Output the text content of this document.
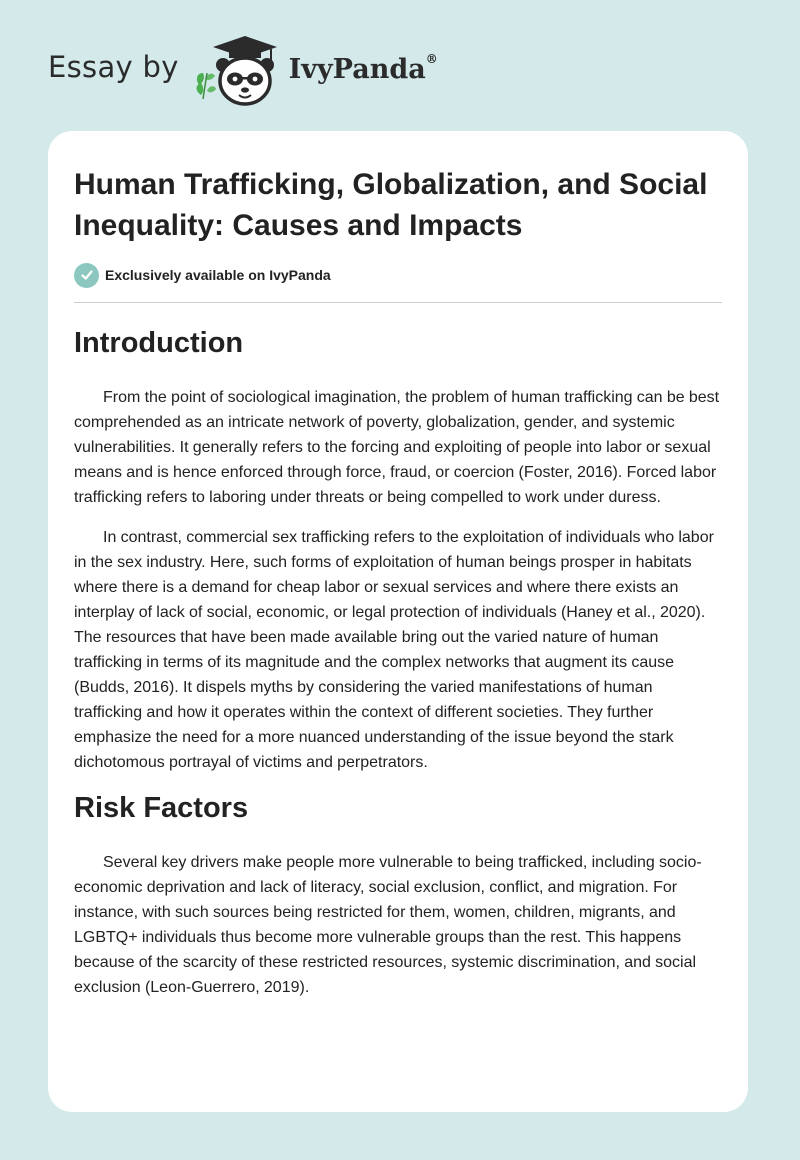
Essay by	IvyPanda®
Human Trafficking, Globalization, and Social Inequality: Causes and Impacts
Exclusively available on IvyPanda
Introduction

From the point of sociological imagination, the problem of human trafficking can be best comprehended as an intricate network of poverty, globalization, gender, and systemic vulnerabilities. It generally refers to the forcing and exploiting of people into labor or sexual means and is hence enforced through force, fraud, or coercion (Foster, 2016). Forced labor trafficking refers to laboring under threats or being compelled to work under duress.

In contrast, commercial sex trafficking refers to the exploitation of individuals who labor in the sex industry. Here, such forms of exploitation of human beings prosper in habitats where there is a demand for cheap labor or sexual services and where there exists an interplay of lack of social, economic, or legal protection of individuals (Haney et al., 2020). The resources that have been made available bring out the varied nature of human trafficking in terms of its magnitude and the complex networks that augment its cause (Budds, 2016). It dispels myths by considering the varied manifestations of human trafficking and how it operates within the context of different societies. They further emphasize the need for a more nuanced understanding of the issue beyond the stark dichotomous portrayal of victims and perpetrators.

Risk Factors

Several key drivers make people more vulnerable to being trafficked, including socio-economic deprivation and lack of literacy, social exclusion, conflict, and migration. For instance, with such sources being restricted for them, women, children, migrants, and LGBTQ+ individuals thus become more vulnerable groups than the rest. This happens because of the scarcity of these restricted resources, systemic discrimination, and social exclusion (Leon-Guerrero, 2019).
